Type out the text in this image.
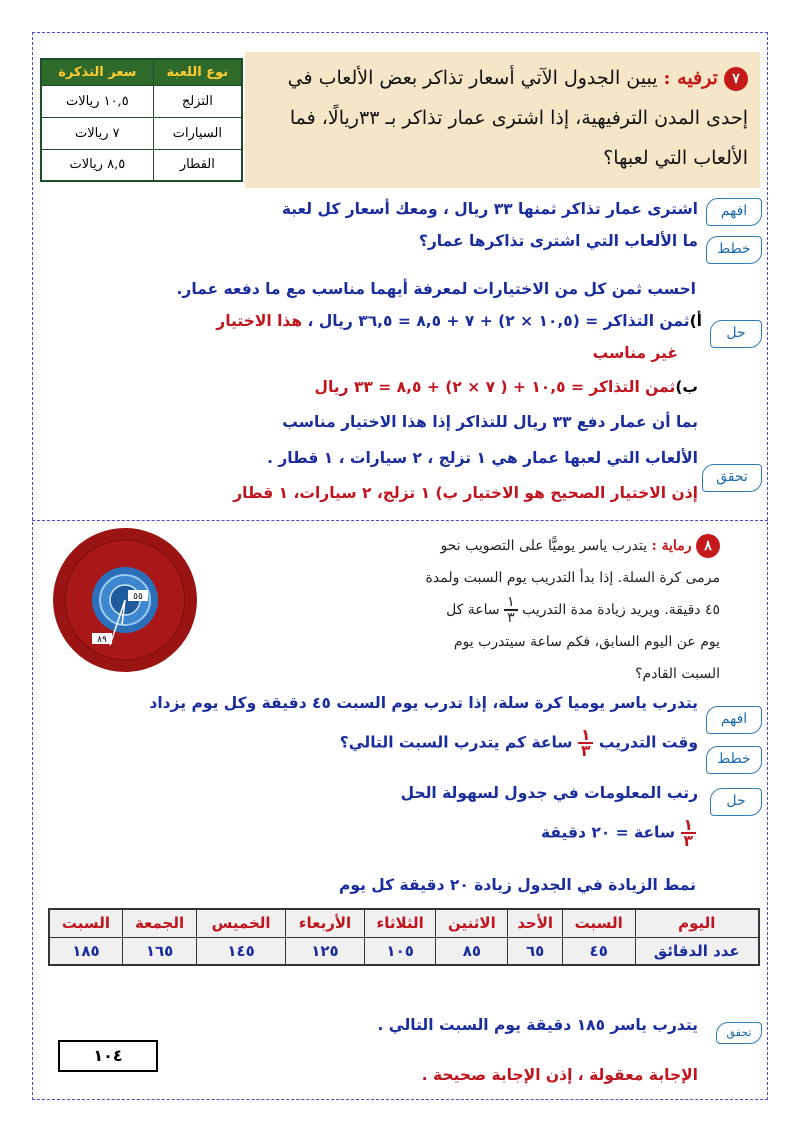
٧ ترفيه : يبين الجدول الآتي أسعار تذاكر بعض الألعاب في إحدى المدن الترفيهية، إذا اشترى عمار تذاكر بـ ٣٣ريالًا، فما الألعاب التي لعبها؟
نوع اللعبة	سعر التذكرة
التزلج	١٠,٥ ريالات
السيارات	٧ ريالات
القطار	٨,٥ ريالات
افهم
اشترى عمار تذاكر ثمنها ٣٣ ريال ، ومعك أسعار كل لعبة
خطط
ما الألعاب التي اشترى تذاكرها عمار؟
احسب ثمن كل من الاختيارات لمعرفة أيهما مناسب مع ما دفعه عمار.
حل
أ)ثمن التذاكر = (١٠,٥ × ٢) + ٧ + ٨,٥ = ٣٦,٥ ريال ، هذا الاختيار
غير مناسب
ب)ثمن التذاكر = ١٠,٥ + ( ٧ × ٢) + ٨,٥ = ٣٣ ريال
بما أن عمار دفع ٣٣ ريال للتذاكر إذا هذا الاختيار مناسب
تحقق
الألعاب التي لعبها عمار هي ١ تزلج ، ٢ سيارات ، ١ قطار .
إذن الاختيار الصحيح هو الاختيار ب) ١ تزلج، ٢ سيارات، ١ قطار
٨ رماية : يتدرب ياسر يوميًّا على التصويب نحو
مرمى كرة السلة. إذا بدأ التدريب يوم السبت ولمدة
٤٥ دقيقة. ويريد زيادة مدة التدريب
$\frac{١}{٣}$
ساعة كل
يوم عن اليوم السابق، فكم ساعة سيتدرب يوم
السبت القادم؟
٥٥
٨٩
افهم
يتدرب ياسر يوميا كرة سلة، إذا تدرب يوم السبت ٤٥ دقيقة وكل يوم يزداد
خطط
وقت التدريب
$\frac{١}{٣}$
ساعة كم يتدرب السبت التالي؟
حل
رتب المعلومات في جدول لسهولة الحل
$\frac{١}{٣}$
ساعة = ٢٠ دقيقة
نمط الزيادة في الجدول زيادة ٢٠ دقيقة كل يوم
اليوم	السبت	الأحد	الاثنين	الثلاثاء	الأربعاء	الخميس	الجمعة	السبت
عدد الدقائق	٤٥	٦٥	٨٥	١٠٥	١٢٥	١٤٥	١٦٥	١٨٥
تحقق
يتدرب ياسر ١٨٥ دقيقة يوم السبت التالي .
الإجابة معقولة ، إذن الإجابة صحيحة .
١٠٤
